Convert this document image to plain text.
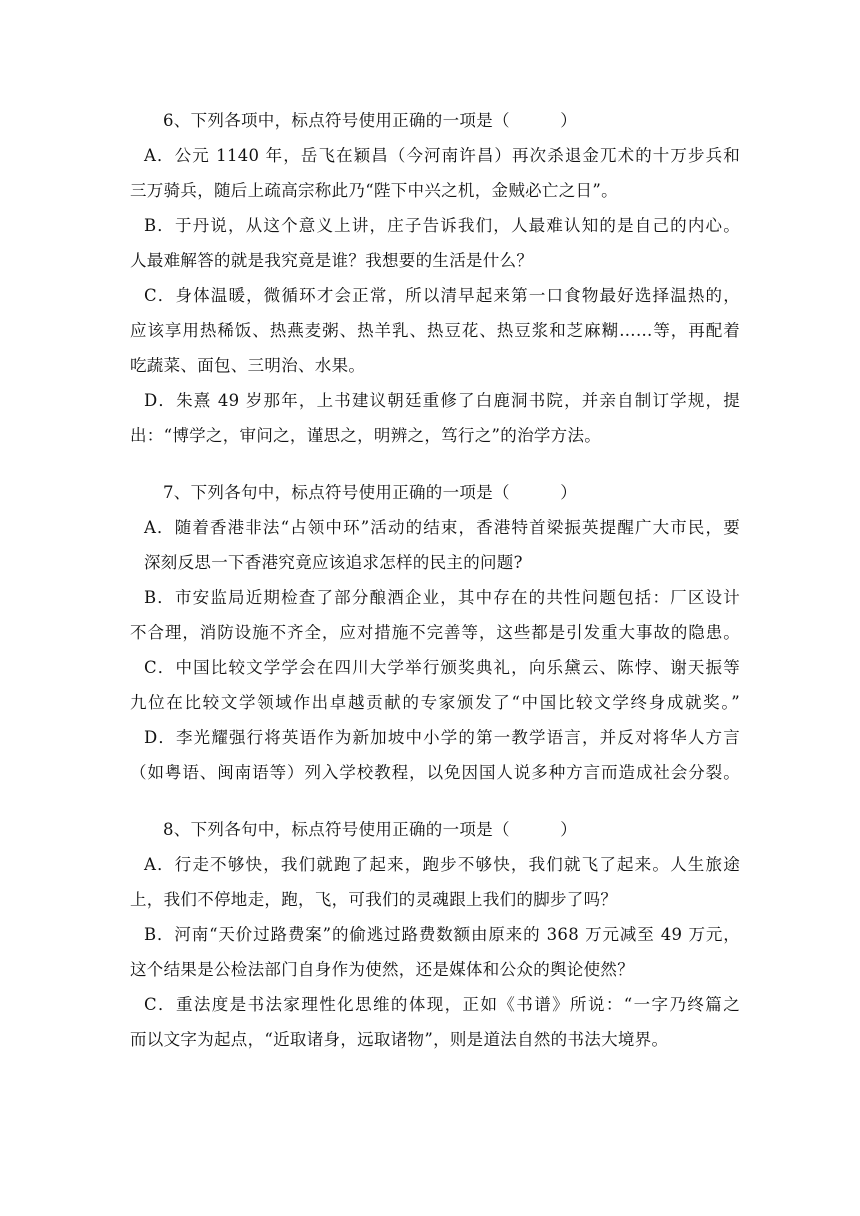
6、下列各项中，标点符号使用正确的一项是（　　　）
A．公元 1140 年，岳飞在颖昌（今河南许昌）再次杀退金兀术的十万步兵和
三万骑兵，随后上疏高宗称此乃“陛下中兴之机，金贼必亡之日”。
B．于丹说，从这个意义上讲，庄子告诉我们，人最难认知的是自己的内心。
人最难解答的就是我究竟是谁？我想要的生活是什么？
C．身体温暖，微循环才会正常，所以清早起来第一口食物最好选择温热的，
应该享用热稀饭、热燕麦粥、热羊乳、热豆花、热豆浆和芝麻糊……等，再配着
吃蔬菜、面包、三明治、水果。
D．朱熹 49 岁那年，上书建议朝廷重修了白鹿洞书院，并亲自制订学规，提
出：“博学之，审问之，谨思之，明辨之，笃行之”的治学方法。
7、下列各句中，标点符号使用正确的一项是（　　　）
A．随着香港非法“占领中环”活动的结束，香港特首梁振英提醒广大市民，要
深刻反思一下香港究竟应该追求怎样的民主的问题?
B．市安监局近期检查了部分酿酒企业，其中存在的共性问题包括：厂区设计
不合理，消防设施不齐全，应对措施不完善等，这些都是引发重大事故的隐患。
C．中国比较文学学会在四川大学举行颁奖典礼，向乐黛云、陈悖、谢天振等
九位在比较文学领域作出卓越贡献的专家颁发了“中国比较文学终身成就奖。”
D．李光耀强行将英语作为新加坡中小学的第一教学语言，并反对将华人方言
（如粤语、闽南语等）列入学校教程，以免因国人说多种方言而造成社会分裂。
8、下列各句中，标点符号使用正确的一项是（　　　）
A．行走不够快，我们就跑了起来，跑步不够快，我们就飞了起来。人生旅途
上，我们不停地走，跑，飞，可我们的灵魂跟上我们的脚步了吗？
B．河南“天价过路费案”的偷逃过路费数额由原来的 368 万元减至 49 万元，
这个结果是公检法部门自身作为使然，还是媒体和公众的舆论使然？
C．重法度是书法家理性化思维的体现，正如《书谱》所说：“一字乃终篇之
而以文字为起点，“近取诸身，远取诸物”，则是道法自然的书法大境界。
